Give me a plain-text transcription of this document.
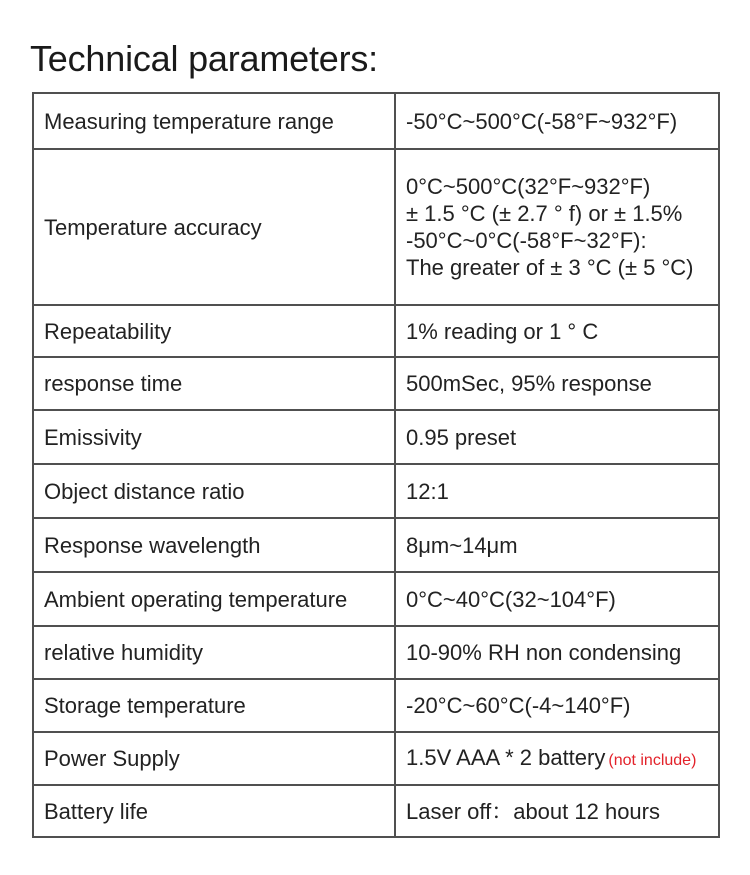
Technical parameters:
Measuring temperature range	-50°C~500°C(-58°F~932°F)
Temperature accuracy	0°C~500°C(32°F~932°F)
± 1.5 °C (± 2.7 ° f) or ± 1.5%
-50°C~0°C(-58°F~32°F):
The greater of ± 3 °C (± 5 °C)

Repeatability	1% reading or 1 ° C
response time	500mSec, 95% response
Emissivity	0.95 preset
Object distance ratio	12:1
Response wavelength	8μm~14μm
Ambient operating temperature	0°C~40°C(32~104°F)
relative humidity	10-90% RH non condensing
Storage temperature	-20°C~60°C(-4~140°F)
Power Supply	1.5V AAA * 2 battery (not include)
Battery life	Laser off：about 12 hours
